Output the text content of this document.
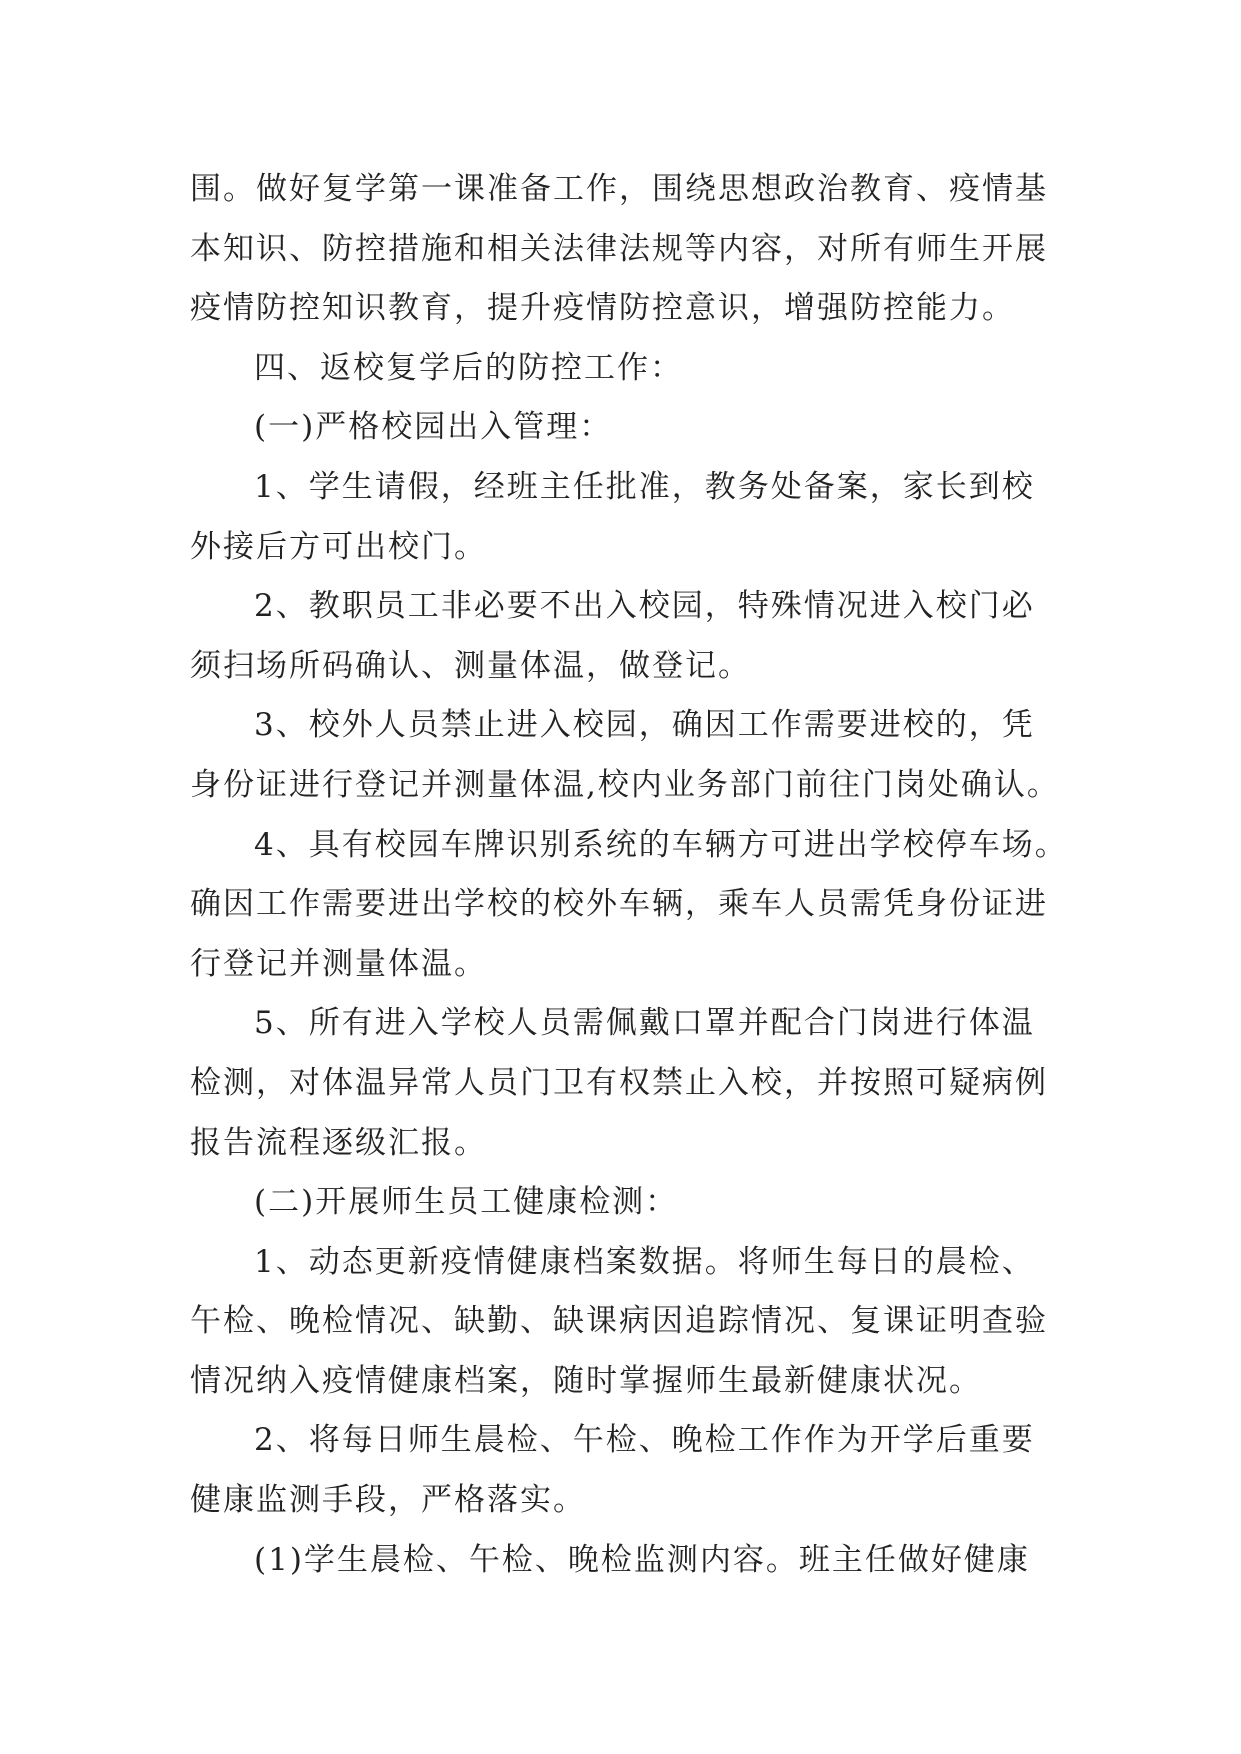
围。做好复学第一课准备工作，围绕思想政治教育、疫情基
本知识、防控措施和相关法律法规等内容，对所有师生开展
疫情防控知识教育，提升疫情防控意识，增强防控能力。
四、返校复学后的防控工作：
(一)严格校园出入管理：
1、学生请假，经班主任批准，教务处备案，家长到校
外接后方可出校门。
2、教职员工非必要不出入校园，特殊情况进入校门必
须扫场所码确认、测量体温，做登记。
3、校外人员禁止进入校园，确因工作需要进校的，凭
身份证进行登记并测量体温,校内业务部门前往门岗处确认。
4、具有校园车牌识别系统的车辆方可进出学校停车场。
确因工作需要进出学校的校外车辆，乘车人员需凭身份证进
行登记并测量体温。
5、所有进入学校人员需佩戴口罩并配合门岗进行体温
检测，对体温异常人员门卫有权禁止入校，并按照可疑病例
报告流程逐级汇报。
(二)开展师生员工健康检测：
1、动态更新疫情健康档案数据。将师生每日的晨检、
午检、晚检情况、缺勤、缺课病因追踪情况、复课证明查验
情况纳入疫情健康档案，随时掌握师生最新健康状况。
2、将每日师生晨检、午检、晚检工作作为开学后重要
健康监测手段，严格落实。
(1)学生晨检、午检、晚检监测内容。班主任做好健康
